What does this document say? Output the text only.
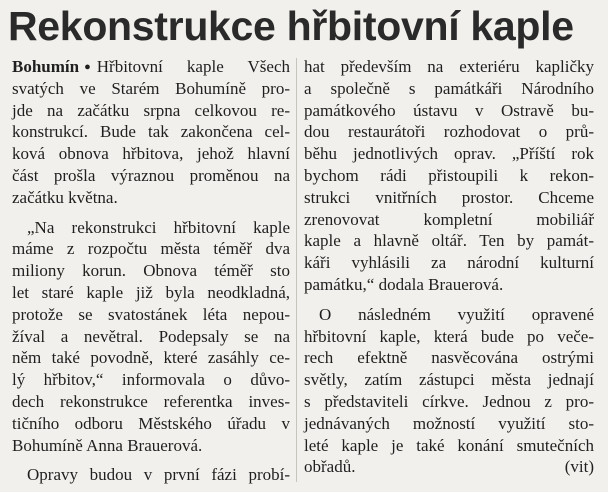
Rekonstrukce hřbitovní kaple
Bohumín ● Hřbitovní kaple Všech
svatých ve Starém Bohumíně pro-
jde na začátku srpna celkovou re-
konstrukcí. Bude tak zakončena cel-
ková obnova hřbitova, jehož hlavní
část prošla výraznou proměnou na
začátku května.
„Na rekonstrukci hřbitovní kaple
máme z rozpočtu města téměř dva
miliony korun. Obnova téměř sto
let staré kaple již byla neodkladná,
protože se svatostánek léta nepou-
žíval a nevětral. Podepsaly se na
něm také povodně, které zasáhly ce-
lý hřbitov,“ informovala o důvo-
dech rekonstrukce referentka inves-
tičního odboru Městského úřadu v
Bohumíně Anna Brauerová.
Opravy budou v první fázi probí-
hat především na exteriéru kapličky
a společně s památkáři Národního
památkového ústavu v Ostravě bu-
dou restaurátoři rozhodovat o prů-
běhu jednotlivých oprav. „Příští rok
bychom rádi přistoupili k rekon-
strukci vnitřních prostor. Chceme
zrenovovat kompletní mobiliář
kaple a hlavně oltář. Ten by památ-
káři vyhlásili za národní kulturní
památku,“ dodala Brauerová.
O následném využití opravené
hřbitovní kaple, která bude po veče-
rech efektně nasvěcována ostrými
světly, zatím zástupci města jednají
s představiteli církve. Jednou z pro-
jednávaných možností využití sto-
leté kaple je také konání smutečních
obřadů.	(vit)
